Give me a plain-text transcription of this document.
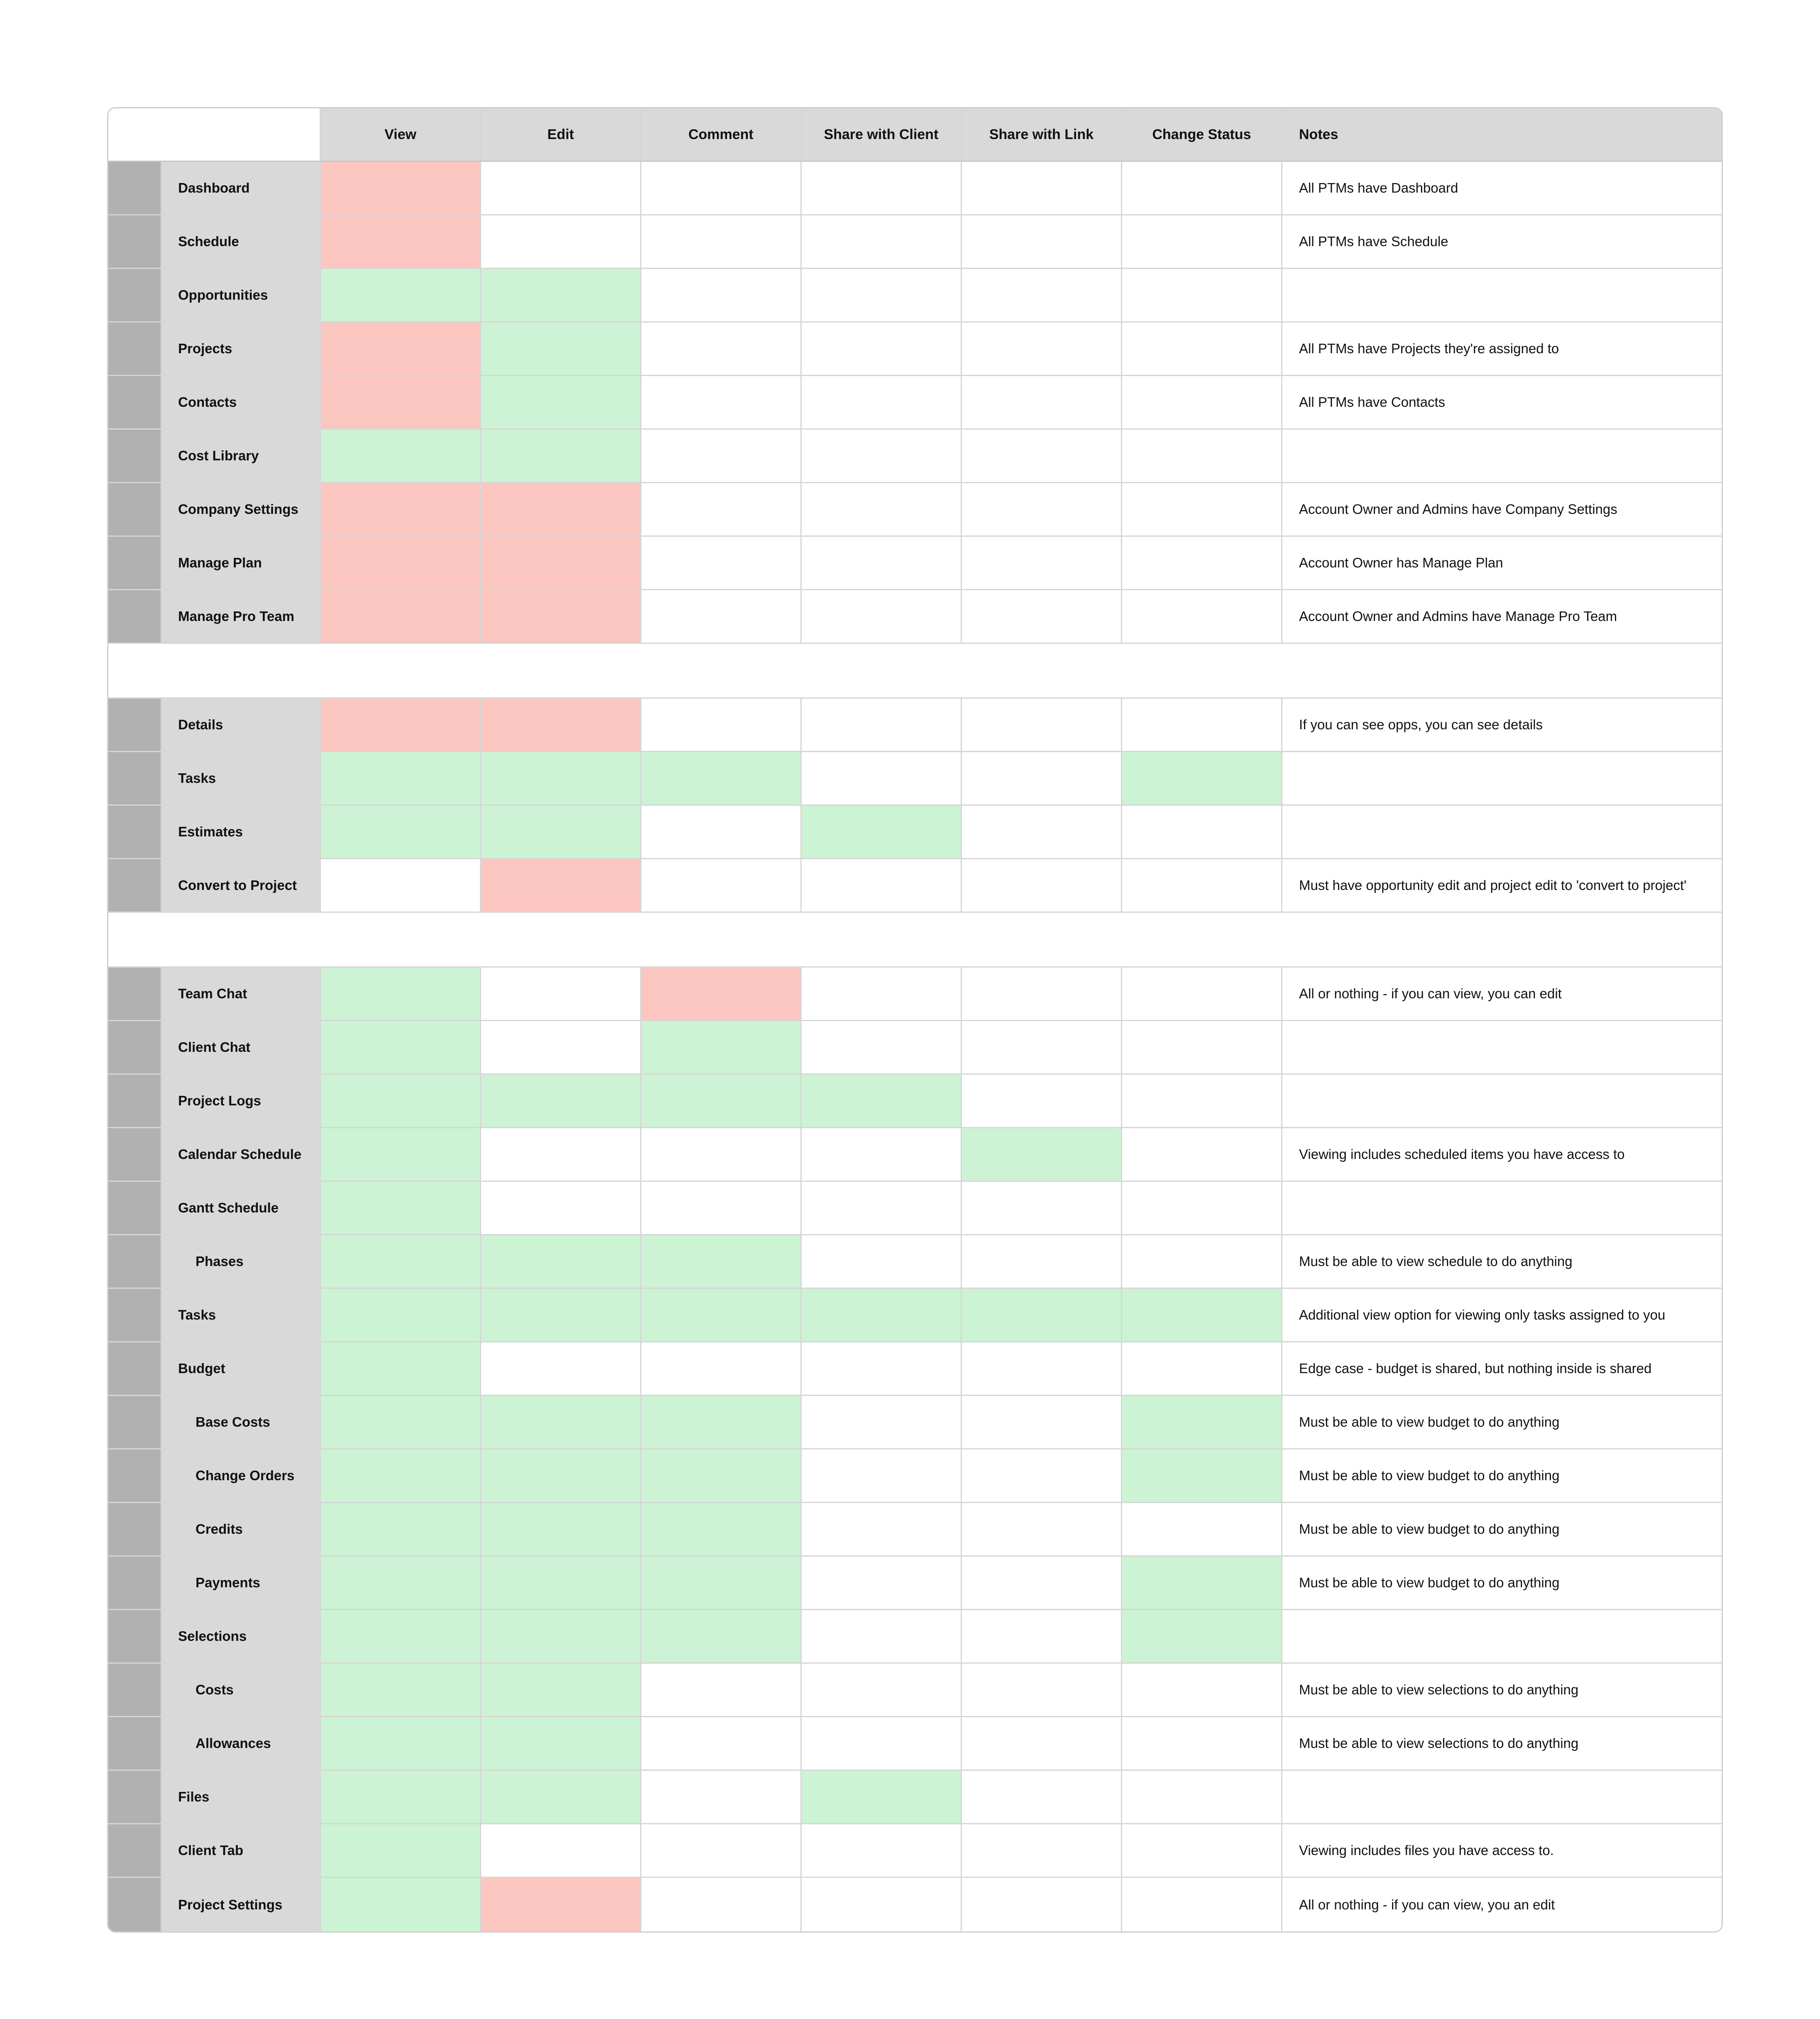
View	Edit	Comment	Share with Client	Share with Link	Change Status	Notes
Dashboard	All PTMs have Dashboard
Schedule	All PTMs have Schedule
Opportunities
Projects	All PTMs have Projects they're assigned to
Contacts	All PTMs have Contacts
Cost Library
Company Settings	Account Owner and Admins have Company Settings
Manage Plan	Account Owner has Manage Plan
Manage Pro Team	Account Owner and Admins have Manage Pro Team
Details	If you can see opps, you can see details
Tasks
Estimates
Convert to Project	Must have opportunity edit and project edit to 'convert to project'
Team Chat	All or nothing - if you can view, you can edit
Client Chat
Project Logs
Calendar Schedule	Viewing includes scheduled items you have access to
Gantt Schedule
Phases	Must be able to view schedule to do anything
Tasks	Additional view option for viewing only tasks assigned to you
Budget	Edge case - budget is shared, but nothing inside is shared
Base Costs	Must be able to view budget to do anything
Change Orders	Must be able to view budget to do anything
Credits	Must be able to view budget to do anything
Payments	Must be able to view budget to do anything
Selections
Costs	Must be able to view selections to do anything
Allowances	Must be able to view selections to do anything
Files
Client Tab	Viewing includes files you have access to.
Project Settings	All or nothing - if you can view, you an edit
